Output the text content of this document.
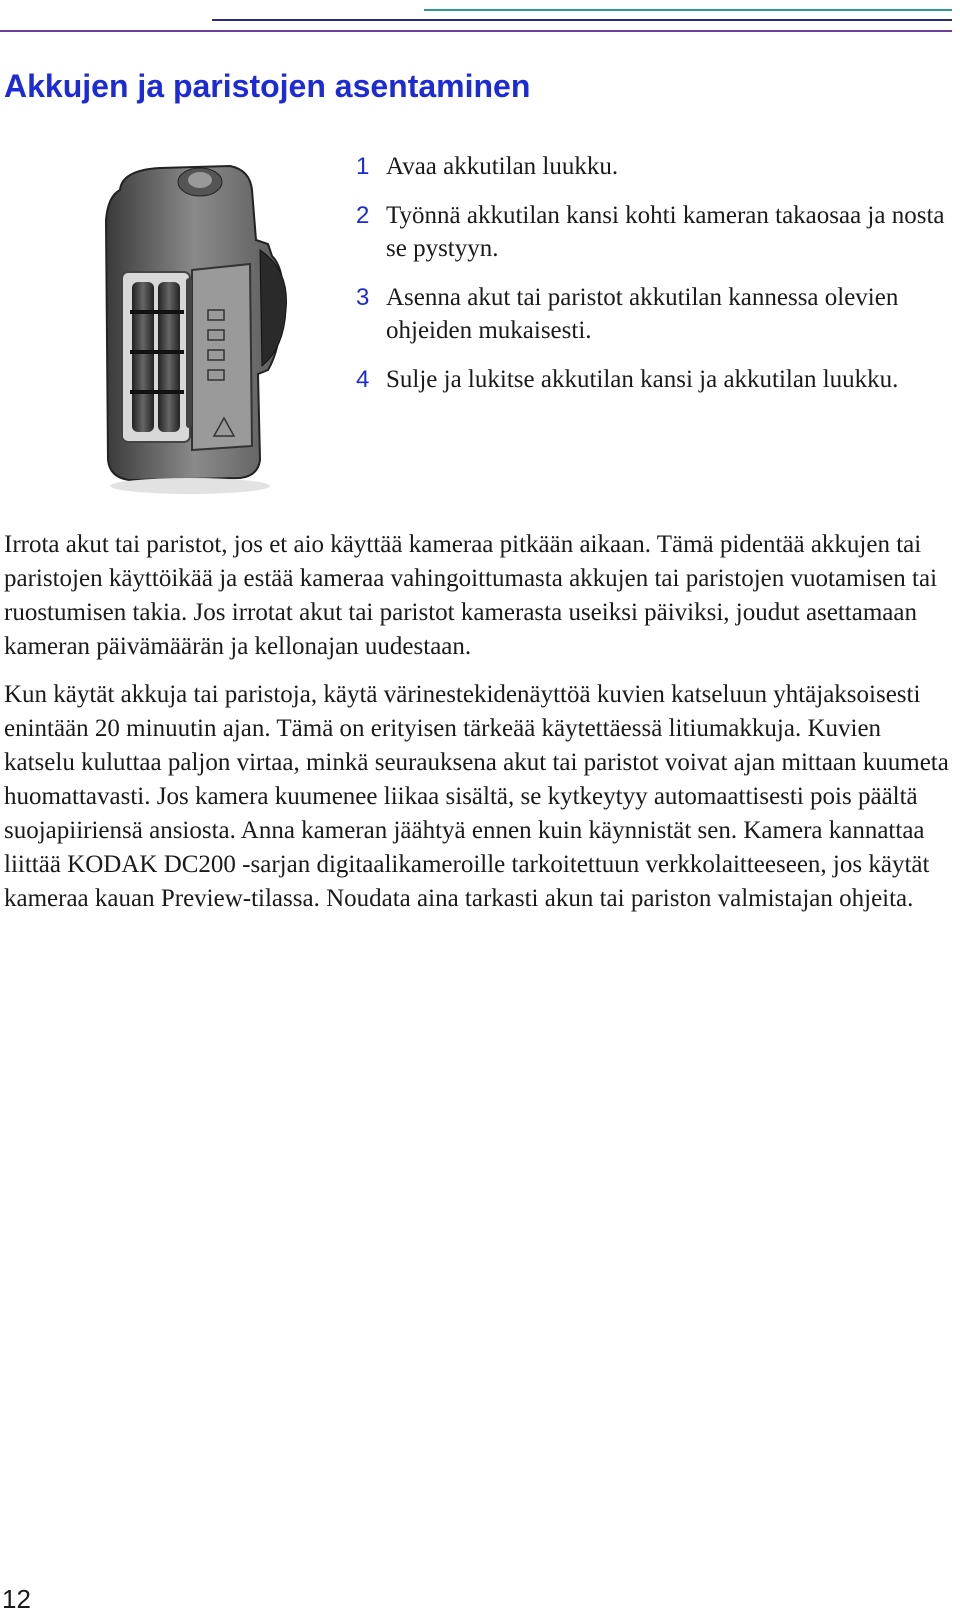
Akkujen ja paristojen asentaminen
1 Avaa akkutilan luukku.
2 Työnnä akkutilan kansi kohti kameran takaosaa ja nosta se pystyyn.
3 Asenna akut tai paristot akkutilan kannessa olevien ohjeiden mukaisesti.
4 Sulje ja lukitse akkutilan kansi ja akkutilan luukku.

Irrota akut tai paristot, jos et aio käyttää kameraa pitkään aikaan. Tämä pidentää akkujen tai paristojen käyttöikää ja estää kameraa vahingoittumasta akkujen tai paristojen vuotamisen tai ruostumisen takia. Jos irrotat akut tai paristot kamerasta useiksi päiviksi, joudut asettamaan kameran päivämäärän ja kellonajan uudestaan.

Kun käytät akkuja tai paristoja, käytä värinestekidenäyttöä kuvien katseluun yhtäjaksoisesti enintään 20 minuutin ajan. Tämä on erityisen tärkeää käytettäessä litiumakkuja. Kuvien katselu kuluttaa paljon virtaa, minkä seurauksena akut tai paristot voivat ajan mittaan kuumeta huomattavasti. Jos kamera kuumenee liikaa sisältä, se kytkeytyy automaattisesti pois päältä suojapiiriensä ansiosta. Anna kameran jäähtyä ennen kuin käynnistät sen. Kamera kannattaa liittää KODAK DC200 -sarjan digitaalikameroille tarkoitettuun verkkolaitteeseen, jos käytät kameraa kauan Preview-tilassa. Noudata aina tarkasti akun tai pariston valmistajan ohjeita.

12
